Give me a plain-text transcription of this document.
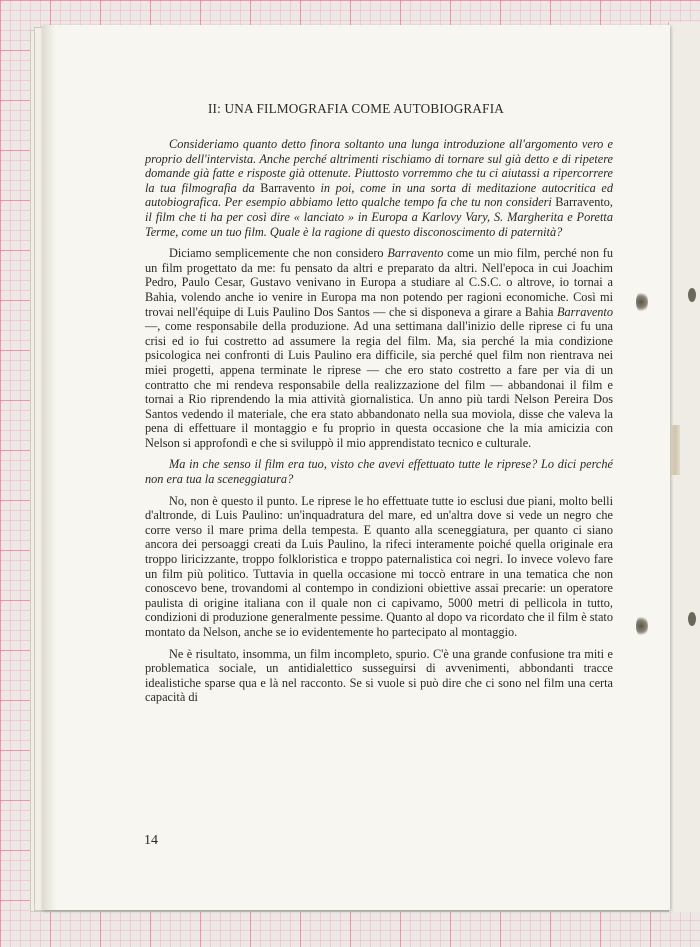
II: UNA FILMOGRAFIA COME AUTOBIOGRAFIA

Consideriamo quanto detto finora soltanto una lunga introduzione all'argomento vero e proprio dell'intervista. Anche perché altrimenti rischiamo di tornare sul già detto e di ripetere domande già fatte e risposte già ottenute. Piuttosto vorremmo che tu ci aiutassi a ripercorrere la tua filmografia da Barravento in poi, come in una sorta di meditazione autocritica ed autobiografica. Per esempio abbiamo letto qualche tempo fa che tu non consideri Barravento, il film che ti ha per così dire « lanciato » in Europa a Karlovy Vary, S. Margherita e Poretta Terme, come un tuo film. Quale è la ragione di questo disconoscimento di paternità?

Diciamo semplicemente che non considero Barravento come un mio film, perché non fu un film progettato da me: fu pensato da altri e preparato da altri. Nell'epoca in cui Joachim Pedro, Paulo Cesar, Gustavo venivano in Europa a studiare al C.S.C. o altrove, io tornai a Bahia, volendo anche io venire in Europa ma non potendo per ragioni economiche. Così mi trovai nell'équipe di Luis Paulino Dos Santos — che si disponeva a girare a Bahia Barravento —, come responsabile della produzione. Ad una settimana dall'inizio delle riprese ci fu una crisi ed io fui costretto ad assumere la regia del film. Ma, sia perché la mia condizione psicologica nei confronti di Luis Paulino era difficile, sia perché quel film non rientrava nei miei progetti, appena terminate le riprese — che ero stato costretto a fare per via di un contratto che mi rendeva responsabile della realizzazione del film — abbandonai il film e tornai a Rio riprendendo la mia attività giornalistica. Un anno più tardi Nelson Pereira Dos Santos vedendo il materiale, che era stato abbandonato nella sua moviola, disse che valeva la pena di effettuare il montaggio e fu proprio in questa occasione che la mia amicizia con Nelson si approfondì e che si sviluppò il mio apprendistato tecnico e culturale.

Ma in che senso il film era tuo, visto che avevi effettuato tutte le riprese? Lo dici perché non era tua la sceneggiatura?

No, non è questo il punto. Le riprese le ho effettuate tutte io esclusi due piani, molto belli d'altronde, di Luis Paulino: un'inquadratura del mare, ed un'altra dove si vede un negro che corre verso il mare prima della tempesta. E quanto alla sceneggiatura, per quanto ci siano ancora dei persoaggi creati da Luis Paulino, la rifeci interamente poiché quella originale era troppo liricizzante, troppo folkloristica e troppo paternalistica coi negri. Io invece volevo fare un film più politico. Tuttavia in quella occasione mi toccò entrare in una tematica che non conoscevo bene, trovandomi al contempo in condizioni obiettive assai precarie: un operatore paulista di origine italiana con il quale non ci capivamo, 5000 metri di pellicola in tutto, condizioni di produzione generalmente pessime. Quanto al dopo va ricordato che il film è stato montato da Nelson, anche se io evidentemente ho partecipato al montaggio.

Ne è risultato, insomma, un film incompleto, spurio. C'è una grande confusione tra miti e problematica sociale, un antidialettico susseguirsi di avvenimenti, abbondanti tracce idealistiche sparse qua e là nel racconto. Se si vuole si può dire che ci sono nel film una certa capacità di

14
